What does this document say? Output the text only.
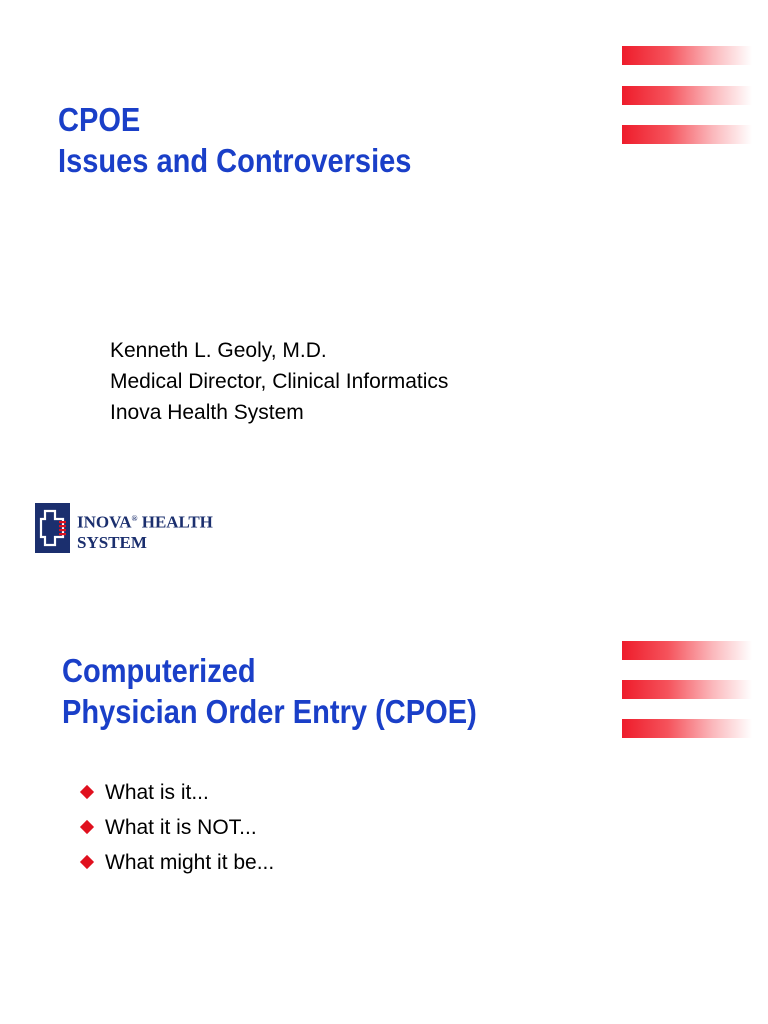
CPOE
Issues and Controversies
Kenneth L. Geoly, M.D.
Medical Director, Clinical Informatics
Inova Health System
INOVA® HEALTH
SYSTEM
Computerized
Physician Order Entry (CPOE)
What is it...
What it is NOT...
What might it be...
